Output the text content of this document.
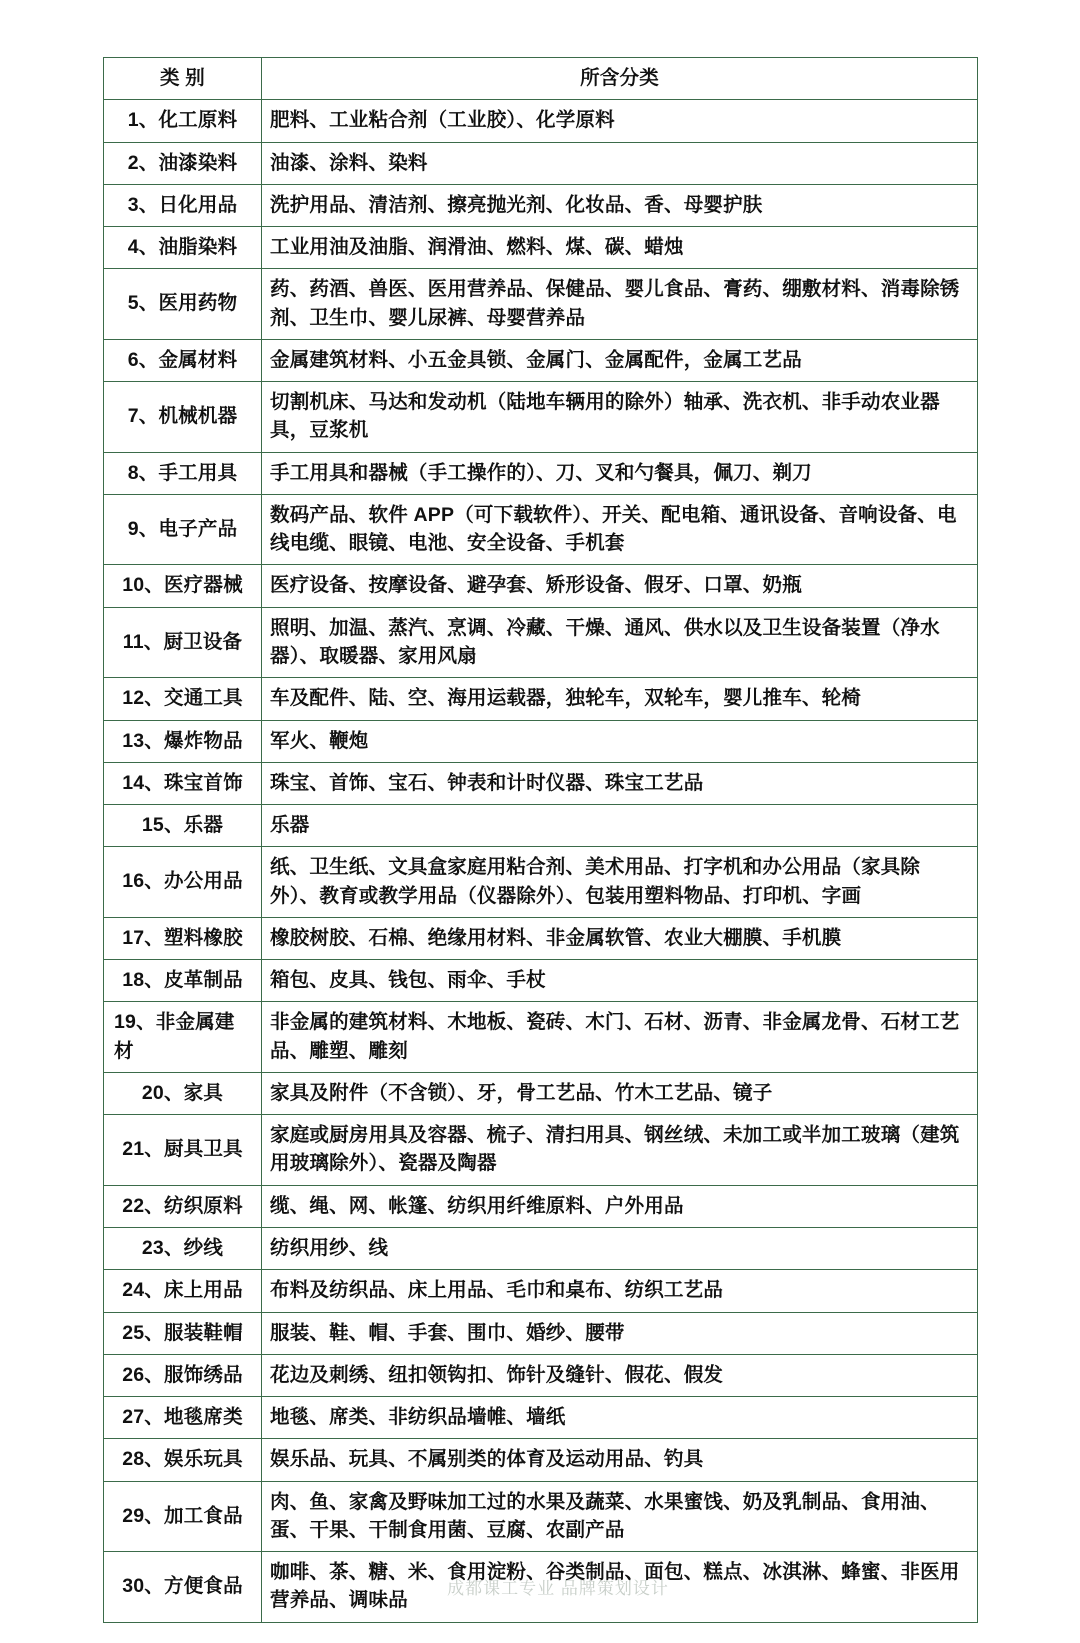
类 别	所含分类
1、化工原料	肥料、工业粘合剂（工业胶）、化学原料
2、油漆染料	油漆、涂料、染料
3、日化用品	洗护用品、清洁剂、擦亮抛光剂、化妆品、香、母婴护肤
4、油脂染料	工业用油及油脂、润滑油、燃料、煤、碳、蜡烛
5、医用药物	药、药酒、兽医、医用营养品、保健品、婴儿食品、膏药、绷敷材料、消毒除锈剂、卫生巾、婴儿尿裤、母婴营养品
6、金属材料	金属建筑材料、小五金具锁、金属门、金属配件，金属工艺品
7、机械机器	切割机床、马达和发动机（陆地车辆用的除外）轴承、洗衣机、非手动农业器具，豆浆机
8、手工用具	手工用具和器械（手工操作的）、刀、叉和勺餐具，佩刀、剃刀
9、电子产品	数码产品、软件 APP（可下载软件）、开关、配电箱、通讯设备、音响设备、电线电缆、眼镜、电池、安全设备、手机套
10、医疗器械	医疗设备、按摩设备、避孕套、矫形设备、假牙、口罩、奶瓶
11、厨卫设备	照明、加温、蒸汽、烹调、冷藏、干燥、通风、供水以及卫生设备装置（净水器）、取暖器、家用风扇
12、交通工具	车及配件、陆、空、海用运载器，独轮车，双轮车，婴儿推车、轮椅
13、爆炸物品	军火、鞭炮
14、珠宝首饰	珠宝、首饰、宝石、钟表和计时仪器、珠宝工艺品
15、乐器	乐器
16、办公用品	纸、卫生纸、文具盒家庭用粘合剂、美术用品、打字机和办公用品（家具除外）、教育或教学用品（仪器除外）、包装用塑料物品、打印机、字画
17、塑料橡胶	橡胶树胶、石棉、绝缘用材料、非金属软管、农业大棚膜、手机膜
18、皮革制品	箱包、皮具、钱包、雨伞、手杖
19、非金属建材	非金属的建筑材料、木地板、瓷砖、木门、石材、沥青、非金属龙骨、石材工艺品、雕塑、雕刻
20、家具	家具及附件（不含锁）、牙，骨工艺品、竹木工艺品、镜子
21、厨具卫具	家庭或厨房用具及容器、梳子、清扫用具、钢丝绒、未加工或半加工玻璃（建筑用玻璃除外）、瓷器及陶器
22、纺织原料	缆、绳、网、帐篷、纺织用纤维原料、户外用品
23、纱线	纺织用纱、线
24、床上用品	布料及纺织品、床上用品、毛巾和桌布、纺织工艺品
25、服装鞋帽	服装、鞋、帽、手套、围巾、婚纱、腰带
26、服饰绣品	花边及刺绣、纽扣领钩扣、饰针及缝针、假花、假发
27、地毯席类	地毯、席类、非纺织品墙帷、墙纸
28、娱乐玩具	娱乐品、玩具、不属别类的体育及运动用品、钓具
29、加工食品	肉、鱼、家禽及野味加工过的水果及蔬菜、水果蜜饯、奶及乳制品、食用油、蛋、干果、干制食用菌、豆腐、农副产品
30、方便食品	咖啡、茶、糖、米、食用淀粉、谷类制品、面包、糕点、冰淇淋、蜂蜜、非医用营养品、调味品
成都课工专业 品牌策划设计
